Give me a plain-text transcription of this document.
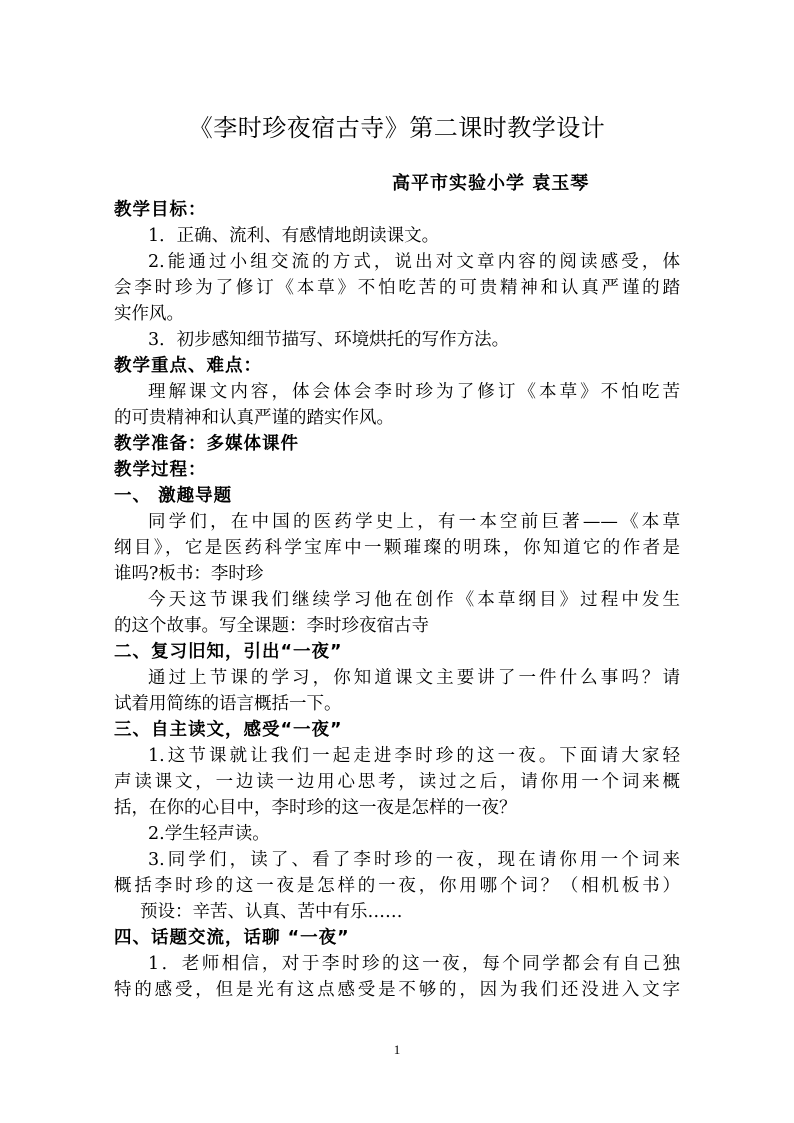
《李时珍夜宿古寺》第二课时教学设计
高平市实验小学 袁玉琴
教学目标：
1．正确、流利、有感情地朗读课文。
2.能通过小组交流的方式，说出对文章内容的阅读感受，体
会李时珍为了修订《本草》不怕吃苦的可贵精神和认真严谨的踏
实作风。
3．初步感知细节描写、环境烘托的写作方法。
教学重点、难点：
理解课文内容，体会体会李时珍为了修订《本草》不怕吃苦
的可贵精神和认真严谨的踏实作风。
教学准备：多媒体课件
教学过程：
一、 激趣导题
同学们，在中国的医药学史上，有一本空前巨著——《本草
纲目》，它是医药科学宝库中一颗璀璨的明珠，你知道它的作者是
谁吗?板书：李时珍
今天这节课我们继续学习他在创作《本草纲目》过程中发生
的这个故事。写全课题：李时珍夜宿古寺
二、复习旧知，引出“一夜”
通过上节课的学习，你知道课文主要讲了一件什么事吗？请
试着用简练的语言概括一下。
三、自主读文，感受“一夜”
1.这节课就让我们一起走进李时珍的这一夜。下面请大家轻
声读课文，一边读一边用心思考，读过之后，请你用一个词来概
括，在你的心目中，李时珍的这一夜是怎样的一夜？
2.学生轻声读。
3.同学们，读了、看了李时珍的一夜，现在请你用一个词来
概括李时珍的这一夜是怎样的一夜，你用哪个词？（相机板书）
预设：辛苦、认真、苦中有乐……
四、话题交流，话聊 “一夜”
1．老师相信，对于李时珍的这一夜，每个同学都会有自己独
特的感受，但是光有这点感受是不够的，因为我们还没进入文字
1
